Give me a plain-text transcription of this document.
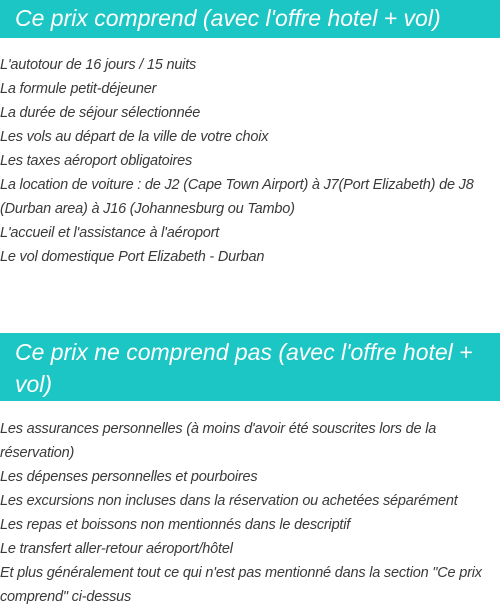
Ce prix comprend (avec l'offre hotel + vol)
L'autotour de 16 jours / 15 nuits
La formule petit-déjeuner
La durée de séjour sélectionnée
Les vols au départ de la ville de votre choix
Les taxes aéroport obligatoires
La location de voiture : de J2 (Cape Town Airport) à J7(Port Elizabeth) de J8 (Durban area) à J16 (Johannesburg ou Tambo)
L'accueil et l'assistance à l'aéroport
Le vol domestique Port Elizabeth - Durban
Ce prix ne comprend pas (avec l'offre hotel + vol)
Les assurances personnelles (à moins d'avoir été souscrites lors de la réservation)
Les dépenses personnelles et pourboires
Les excursions non incluses dans la réservation ou achetées séparément
Les repas et boissons non mentionnés dans le descriptif
Le transfert aller-retour aéroport/hôtel
Et plus généralement tout ce qui n'est pas mentionné dans la section "Ce prix comprend" ci-dessus
